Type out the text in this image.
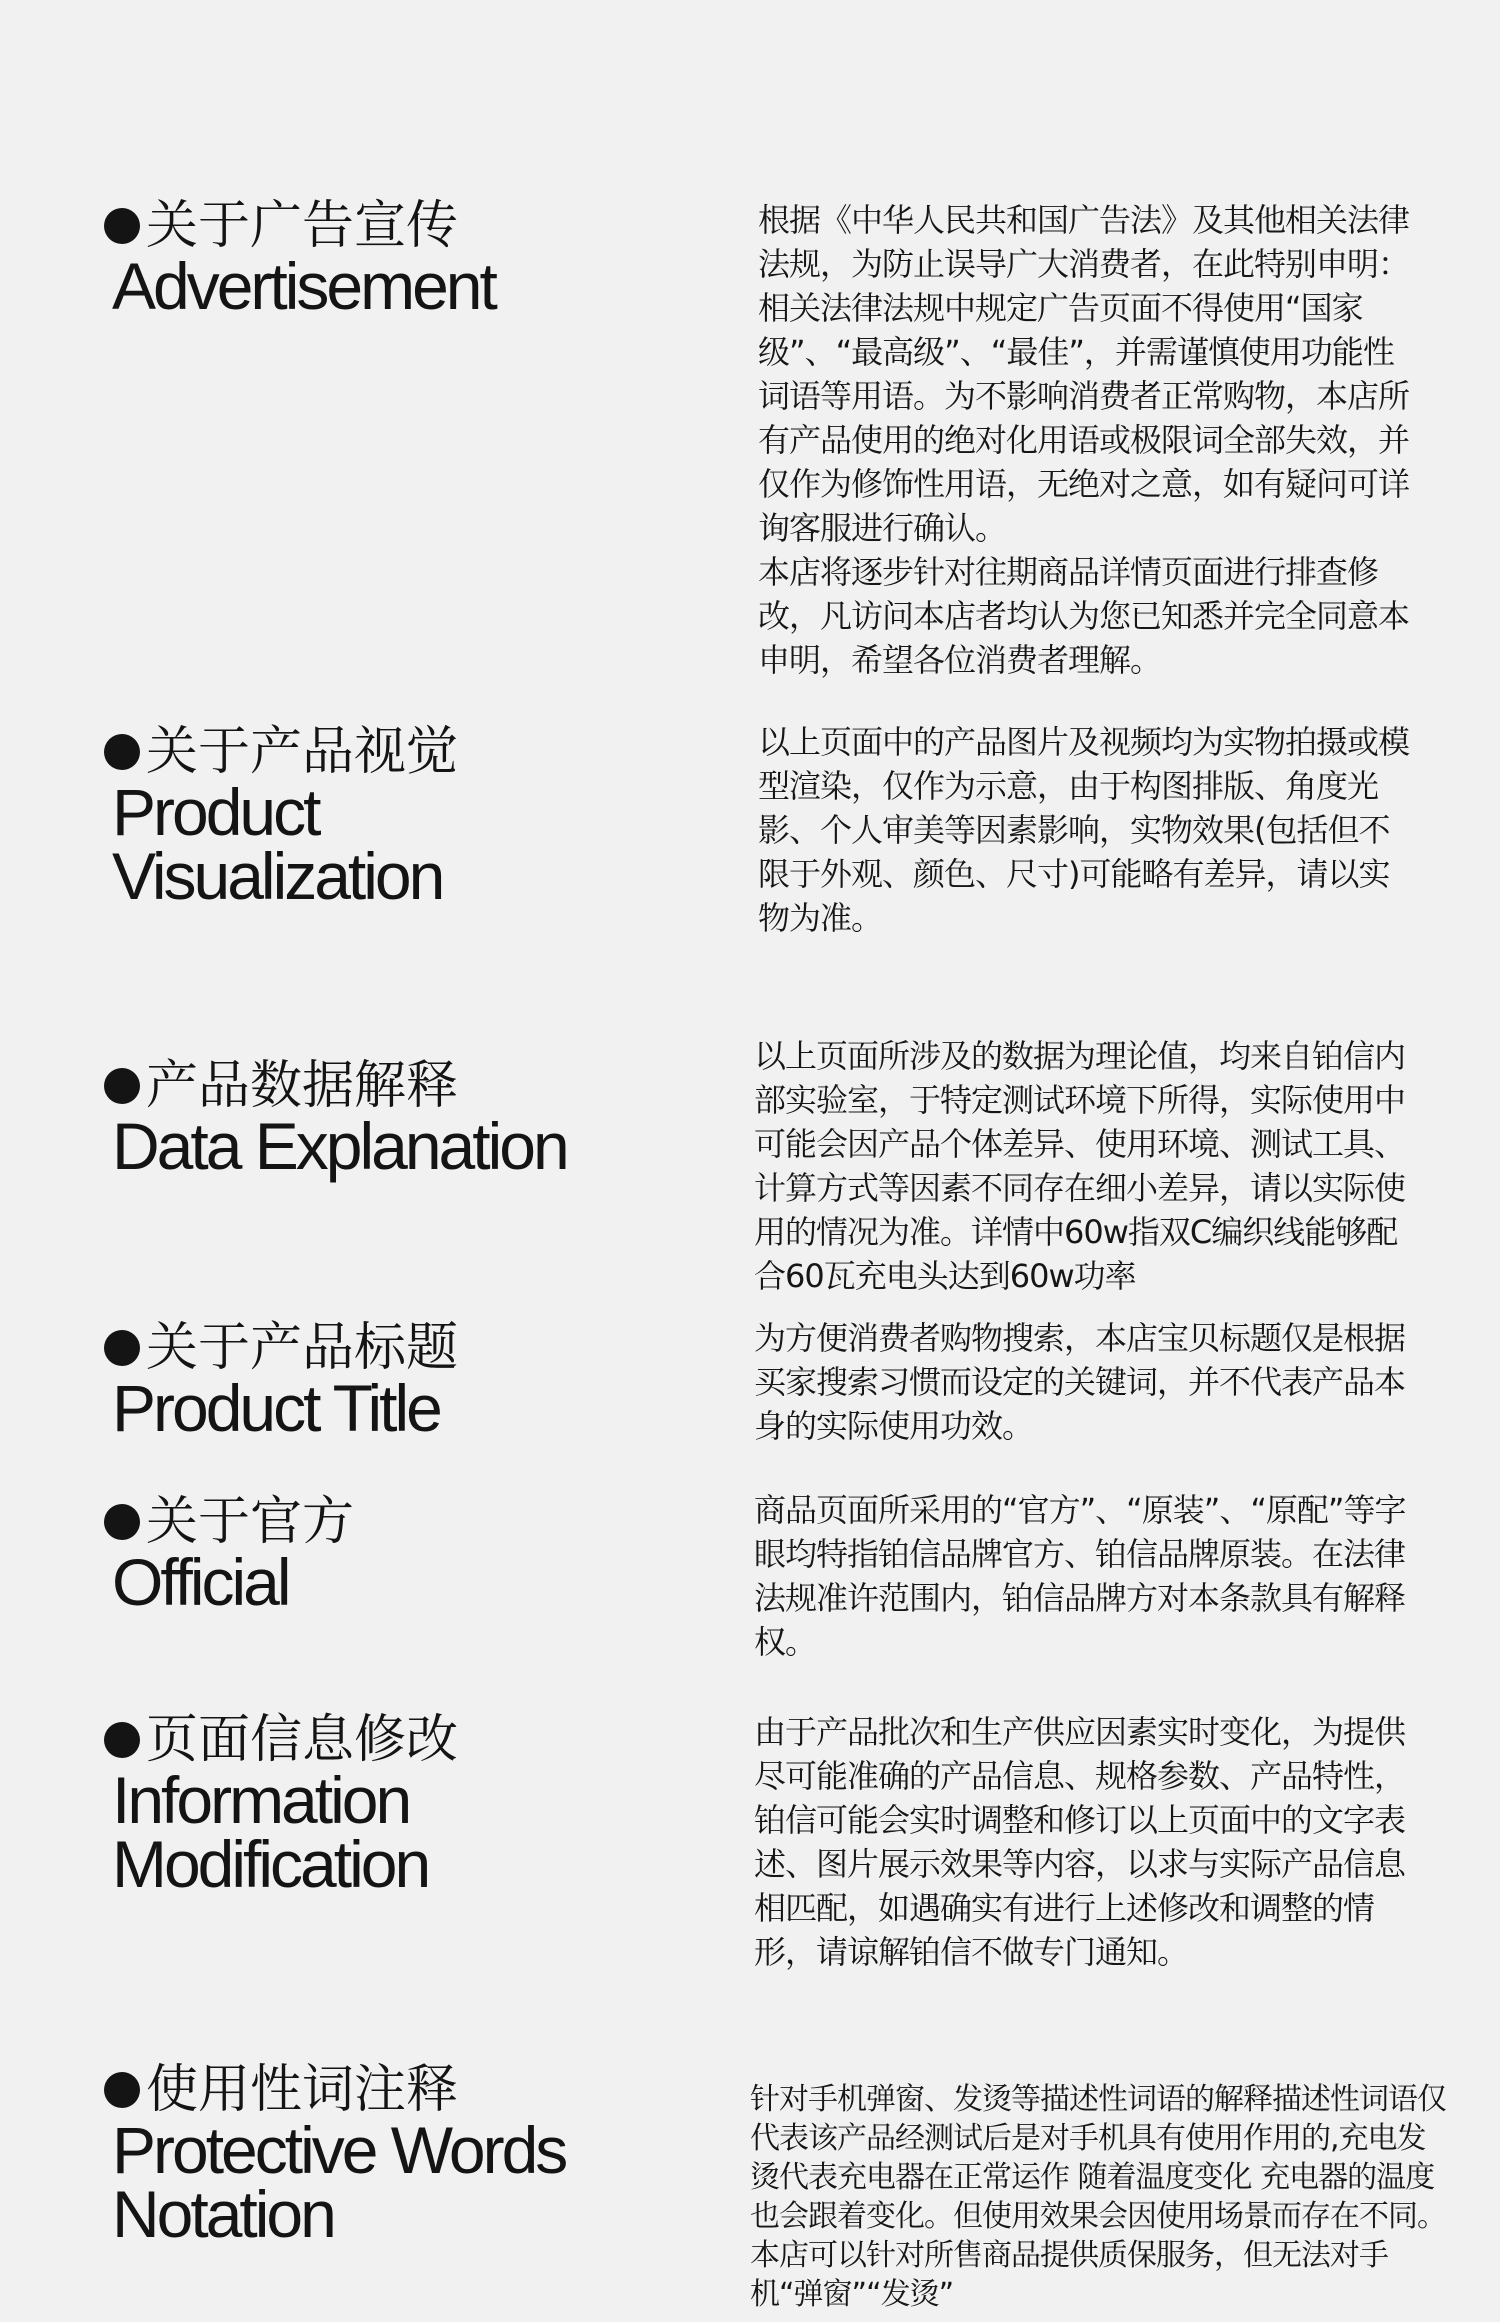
关于广告宣传
Advertisement

根据《中华人民共和国广告法》及其他相关法律法规，为防止误导广大消费者，在此特别申明：相关法律法规中规定广告页面不得使用“国家级”、“最高级”、“最佳”，并需谨慎使用功能性词语等用语。为不影响消费者正常购物，本店所有产品使用的绝对化用语或极限词全部失效，并仅作为修饰性用语，无绝对之意，如有疑问可详询客服进行确认。

本店将逐步针对往期商品详情页面进行排查修改，凡访问本店者均认为您已知悉并完全同意本申明，希望各位消费者理解。

关于产品视觉
Product
Visualization

以上页面中的产品图片及视频均为实物拍摄或模型渲染，仅作为示意，由于构图排版、角度光影、个人审美等因素影响，实物效果(包括但不限于外观、颜色、尺寸)可能略有差异，请以实物为准。

产品数据解释
Data Explanation

以上页面所涉及的数据为理论值，均来自铂信内部实验室，于特定测试环境下所得，实际使用中可能会因产品个体差异、使用环境、测试工具、计算方式等因素不同存在细小差异，请以实际使用的情况为准。详情中60w指双C编织线能够配合60瓦充电头达到60w功率

关于产品标题
Product Title

为方便消费者购物搜索，本店宝贝标题仅是根据买家搜索习惯而设定的关键词，并不代表产品本身的实际使用功效。

关于官方
Official

商品页面所采用的“官方”、“原装”、“原配”等字眼均特指铂信品牌官方、铂信品牌原装。在法律法规准许范围内，铂信品牌方对本条款具有解释权。

页面信息修改
Information
Modification

由于产品批次和生产供应因素实时变化，为提供尽可能准确的产品信息、规格参数、产品特性，铂信可能会实时调整和修订以上页面中的文字表述、图片展示效果等内容，以求与实际产品信息相匹配，如遇确实有进行上述修改和调整的情形，请谅解铂信不做专门通知。

使用性词注释
Protective Words
Notation

针对手机弹窗、发烫等描述性词语的解释描述性词语仅代表该产品经测试后是对手机具有使用作用的,充电发烫代表充电器在正常运作 随着温度变化 充电器的温度也会跟着变化。但使用效果会因使用场景而存在不同。本店可以针对所售商品提供质保服务，但无法对手机“弹窗”“发烫”
